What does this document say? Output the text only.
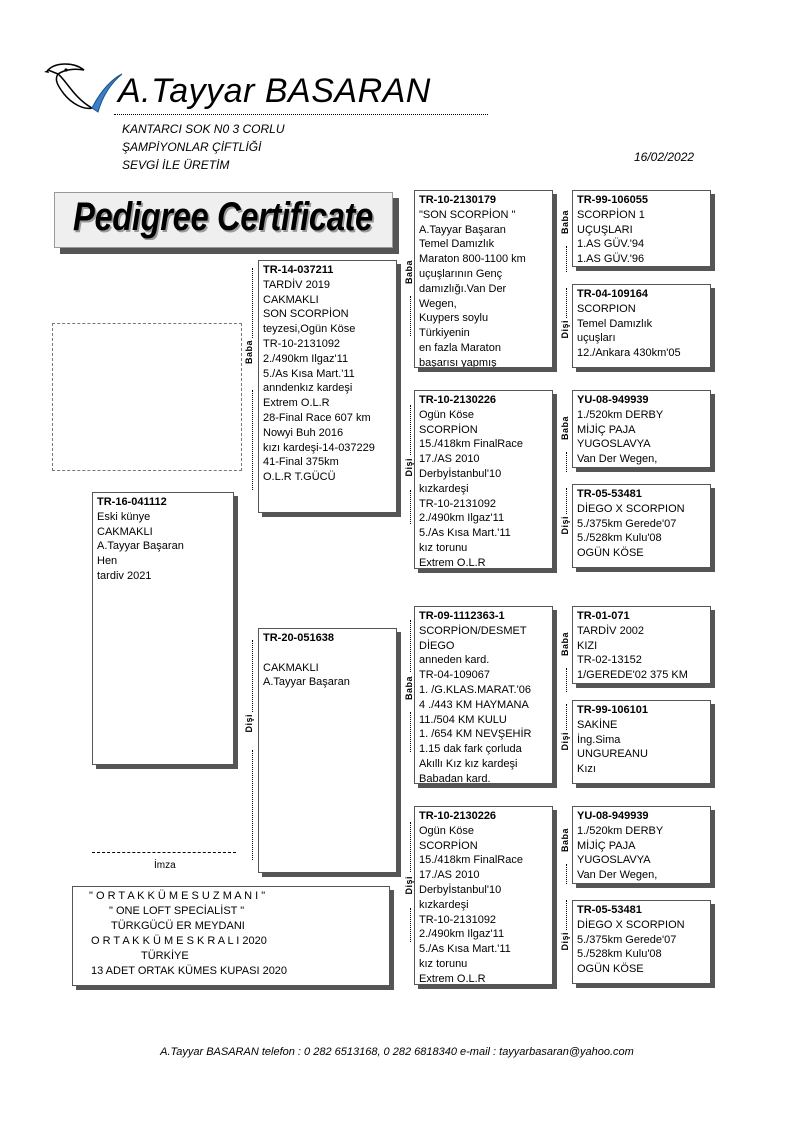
A.Tayyar BASARAN
KANTARCI SOK N0 3 CORLU
ŞAMPİYONLAR ÇİFTLİĞİ
SEVGİ İLE ÜRETİM
16/02/2022
Pedigree Certificate
TR-16-041112
Eski künye
CAKMAKLI
A.Tayyar Başaran
Hen
tardiv 2021
Baba
Dişi
TR-14-037211
TARDİV 2019
CAKMAKLI
SON SCORPİON
teyzesi,Ogün Köse
TR-10-2131092
2./490km Ilgaz'11
5./As Kısa Mart.'11
anndenkız kardeşi
Extrem O.L.R
28-Final Race 607 km
Nowyi Buh 2016
kızı kardeşi-14-037229
41-Final 375km
O.L.R T.GÜCÜ
TR-20-051638
CAKMAKLI
A.Tayyar Başaran
Baba
Dişi
Baba
Dişi
TR-10-2130179
"SON SCORPİON "
A.Tayyar Başaran
Temel Damızlık
Maraton 800-1100 km
uçuşlarının Genç
damızlığı.Van Der
Wegen,
Kuypers soylu
Türkiyenin
en fazla Maraton
başarısı yapmış
TR-10-2130226
Ogün Köse
SCORPİON
15./418km FinalRace
17./AS 2010
Derbyİstanbul'10
kızkardeşi
TR-10-2131092
2./490km Ilgaz'11
5./As Kısa Mart.'11
kız torunu
Extrem O.L.R
TR-09-1112363-1
SCORPİON/DESMET
DİEGO
anneden kard.
TR-04-109067
1. /G.KLAS.MARAT.'06
4 ./443 KM HAYMANA
11./504 KM KULU
1. /654 KM NEVŞEHİR
1.15 dak fark çorluda
Akıllı Kız kız kardeşi
Babadan kard.
TR-10-2130226
Ogün Köse
SCORPİON
15./418km FinalRace
17./AS 2010
Derbyİstanbul'10
kızkardeşi
TR-10-2131092
2./490km Ilgaz'11
5./As Kısa Mart.'11
kız torunu
Extrem O.L.R
Baba
Dişi
Baba
Dişi
Baba
Dişi
Baba
Dişi
TR-99-106055
SCORPİON 1
UÇUŞLARI
1.AS GÜV.'94
1.AS GÜV.'96
TR-04-109164
SCORPION
Temel Damızlık
uçuşları
12./Ankara 430km'05
YU-08-949939
1./520km DERBY
MİJİÇ PAJA
YUGOSLAVYA
Van Der Wegen,
TR-05-53481
DİEGO X SCORPION
5./375km Gerede'07
5./528km Kulu'08
OGÜN KÖSE
TR-01-071
TARDİV 2002
KIZI
TR-02-13152
1/GEREDE'02 375 KM
TR-99-106101
SAKİNE
İng.Sima
UNGUREANU
Kızı
YU-08-949939
1./520km DERBY
MİJİÇ PAJA
YUGOSLAVYA
Van Der Wegen,
TR-05-53481
DİEGO X SCORPION
5./375km Gerede'07
5./528km Kulu'08
OGÜN KÖSE
İmza
" O R T A K K Ü M E S U Z M A N I "
" ONE LOFT SPECİALİST "
TÜRKGÜCÜ ER MEYDANI
O R T A K K Ü M E S K R A L I 2020
TÜRKİYE
13 ADET ORTAK KÜMES KUPASI 2020
A.Tayyar BASARAN telefon : 0 282 6513168, 0 282 6818340 e-mail : tayyarbasaran@yahoo.com
